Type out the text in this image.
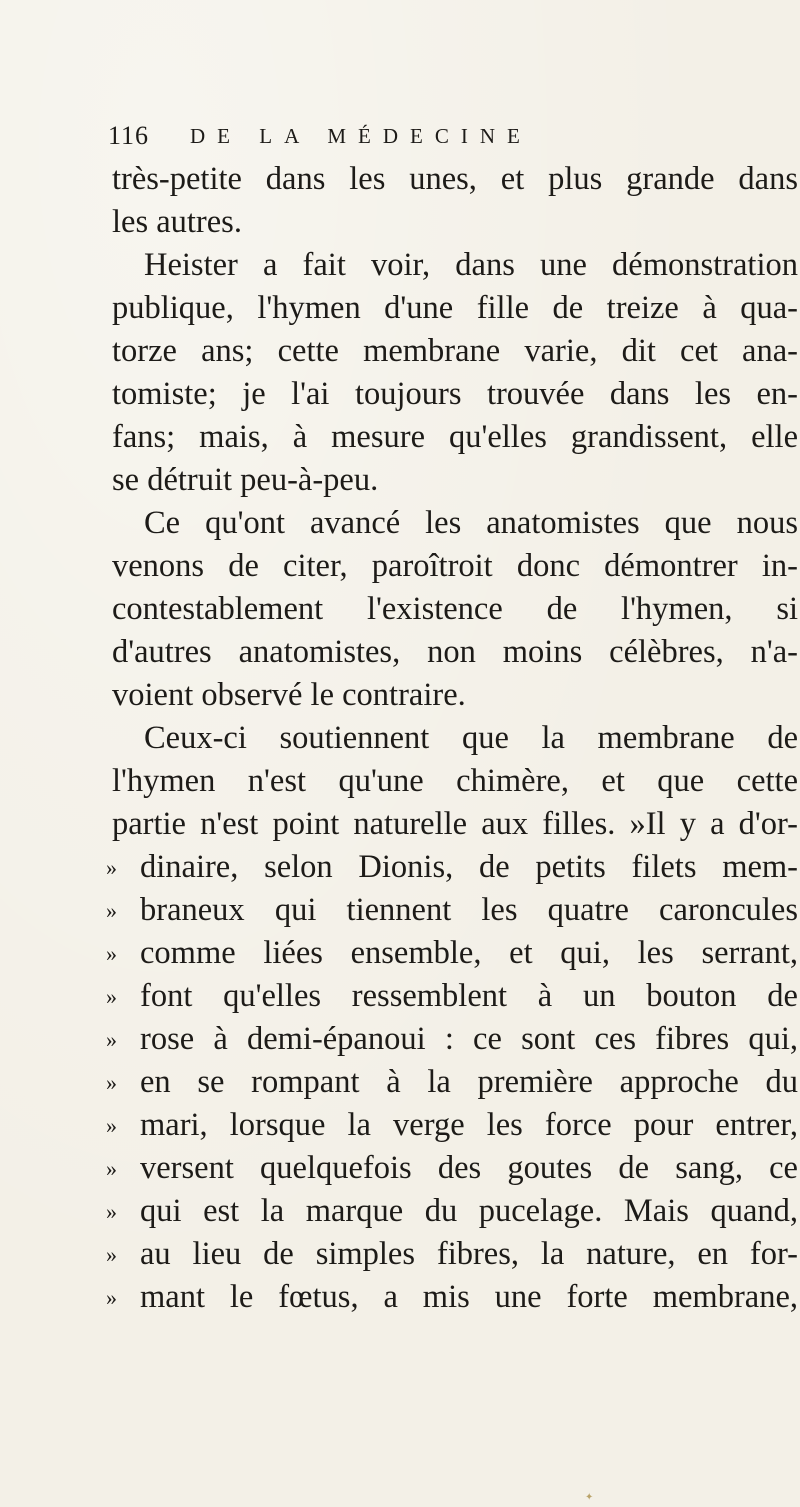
116	DE LA MÉDECINE
très-petite dans les unes, et plus grande dans
les autres.
Heister a fait voir, dans une démonstration
publique, l'hymen d'une fille de treize à qua-
torze ans; cette membrane varie, dit cet ana-
tomiste; je l'ai toujours trouvée dans les en-
fans; mais, à mesure qu'elles grandissent, elle
se détruit peu-à-peu.
Ce qu'ont avancé les anatomistes que nous
venons de citer, paroîtroit donc démontrer in-
contestablement l'existence de l'hymen, si
d'autres anatomistes, non moins célèbres, n'a-
voient observé le contraire.
Ceux-ci soutiennent que la membrane de
l'hymen n'est qu'une chimère, et que cette
partie n'est point naturelle aux filles. »Il y a d'or-
» dinaire, selon Dionis, de petits filets mem-
» braneux qui tiennent les quatre caroncules
» comme liées ensemble, et qui, les serrant,
» font qu'elles ressemblent à un bouton de
» rose à demi-épanoui : ce sont ces fibres qui,
» en se rompant à la première approche du
» mari, lorsque la verge les force pour entrer,
» versent quelquefois des goutes de sang, ce
» qui est la marque du pucelage. Mais quand,
» au lieu de simples fibres, la nature, en for-
» mant le fœtus, a mis une forte membrane,
✦
